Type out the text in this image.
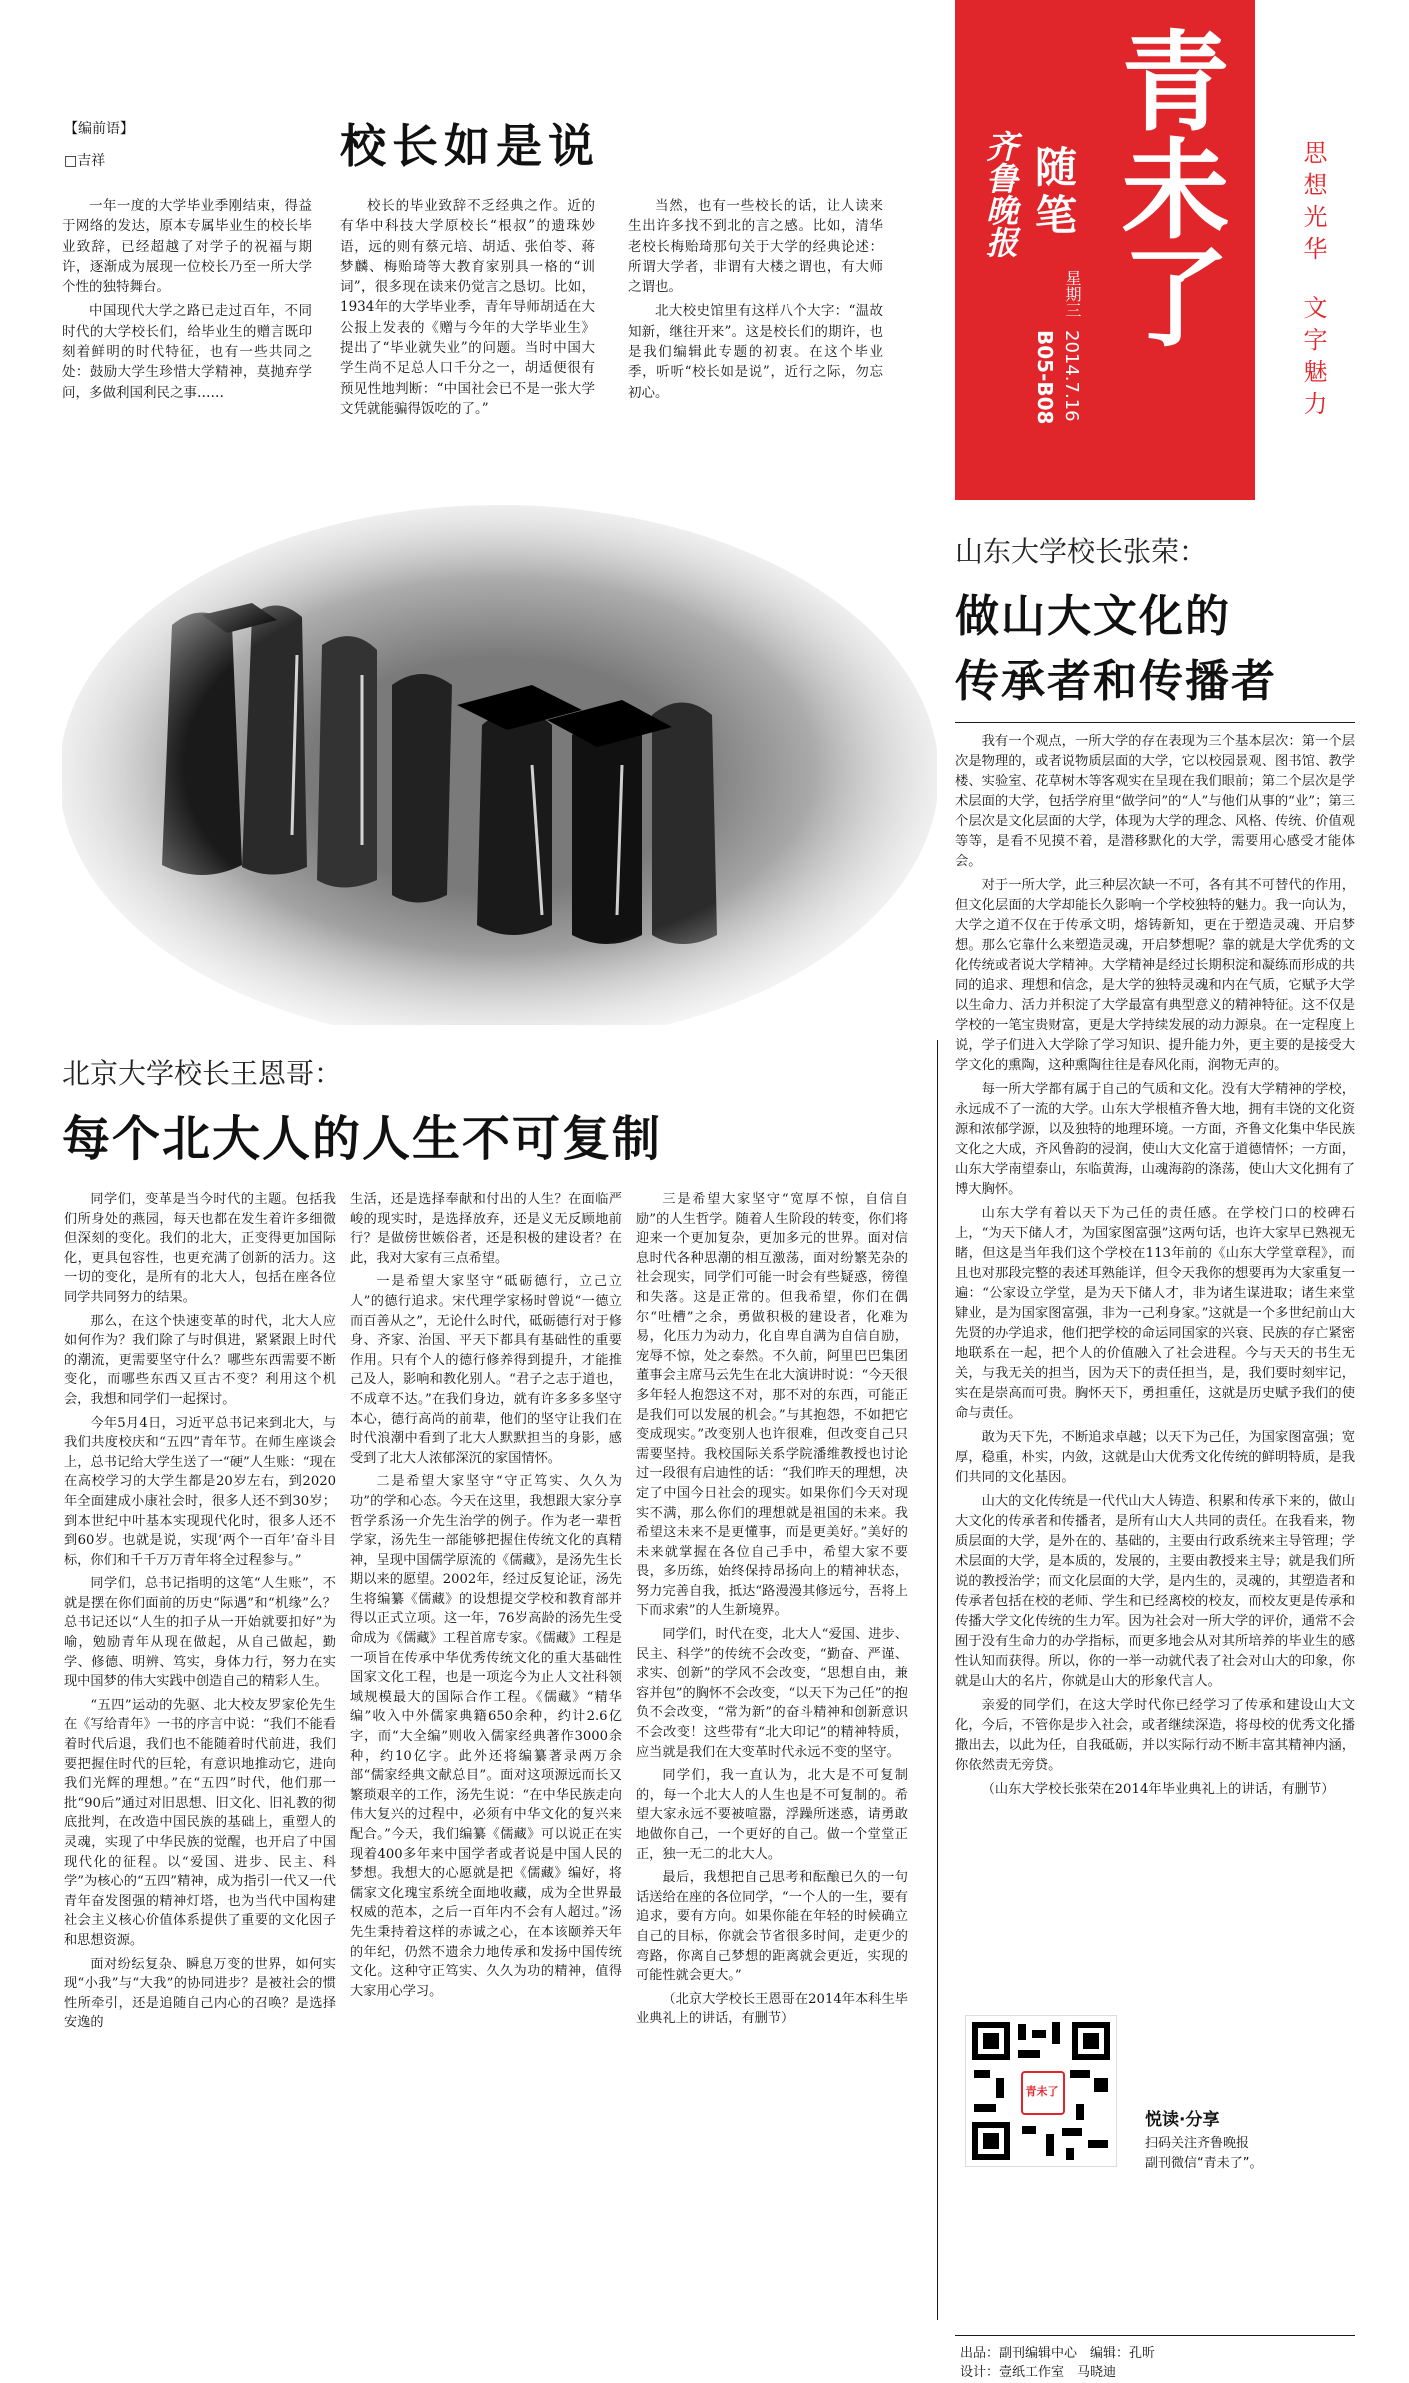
【编前语】
□吉祥	校长如是说

一年一度的大学毕业季刚结束，得益于网络的发达，原本专属毕业生的校长毕业致辞，已经超越了对学子的祝福与期许，逐渐成为展现一位校长乃至一所大学个性的独特舞台。

中国现代大学之路已走过百年，不同时代的大学校长们，给毕业生的赠言既印刻着鲜明的时代特征，也有一些共同之处：鼓励大学生珍惜大学精神，莫抛弃学问，多做利国利民之事……

校长的毕业致辞不乏经典之作。近的有华中科技大学原校长“根叔”的遗珠妙语，远的则有蔡元培、胡适、张伯苓、蒋梦麟、梅贻琦等大教育家别具一格的“训词”，很多现在读来仍觉言之恳切。比如，1934年的大学毕业季，青年导师胡适在大公报上发表的《赠与今年的大学毕业生》提出了“毕业就失业”的问题。当时中国大学生尚不足总人口千分之一，胡适便很有预见性地判断：“中国社会已不是一张大学文凭就能骗得饭吃的了。”

当然，也有一些校长的话，让人读来生出许多找不到北的言之感。比如，清华老校长梅贻琦那句关于大学的经典论述：所谓大学者，非谓有大楼之谓也，有大师之谓也。

北大校史馆里有这样八个大字：“温故知新，继往开来”。这是校长们的期许，也是我们编辑此专题的初衷。在这个毕业季，听听“校长如是说”，近行之际，勿忘初心。

青未了
齐鲁晚报 随笔
星期三
2014.7.16
B05-B08
思想光华
文字魅力
山东大学校长张荣：
做山大文化的
传承者和传播者

我有一个观点，一所大学的存在表现为三个基本层次：第一个层次是物理的，或者说物质层面的大学，它以校园景观、图书馆、教学楼、实验室、花草树木等客观实在呈现在我们眼前；第二个层次是学术层面的大学，包括学府里“做学问”的“人”与他们从事的“业”；第三个层次是文化层面的大学，体现为大学的理念、风格、传统、价值观等等，是看不见摸不着，是潜移默化的大学，需要用心感受才能体会。

对于一所大学，此三种层次缺一不可，各有其不可替代的作用，但文化层面的大学却能长久影响一个学校独特的魅力。我一向认为，大学之道不仅在于传承文明，熔铸新知，更在于塑造灵魂、开启梦想。那么它靠什么来塑造灵魂，开启梦想呢？靠的就是大学优秀的文化传统或者说大学精神。大学精神是经过长期积淀和凝练而形成的共同的追求、理想和信念，是大学的独特灵魂和内在气质，它赋予大学以生命力、活力并积淀了大学最富有典型意义的精神特征。这不仅是学校的一笔宝贵财富，更是大学持续发展的动力源泉。在一定程度上说，学子们进入大学除了学习知识、提升能力外，更主要的是接受大学文化的熏陶，这种熏陶往往是春风化雨，润物无声的。

每一所大学都有属于自己的气质和文化。没有大学精神的学校，永远成不了一流的大学。山东大学根植齐鲁大地，拥有丰饶的文化资源和浓郁学源，以及独特的地理环境。一方面，齐鲁文化集中华民族文化之大成，齐风鲁韵的浸润，使山大文化富于道德情怀；一方面，山东大学南望泰山，东临黄海，山魂海韵的涤荡，使山大文化拥有了博大胸怀。

山东大学有着以天下为己任的责任感。在学校门口的校碑石上，“为天下储人才，为国家图富强”这两句话，也许大家早已熟视无睹，但这是当年我们这个学校在113年前的《山东大学堂章程》，而且也对那段完整的表述耳熟能详，但令天我你的想要再为大家重复一遍：“公家设立学堂，是为天下储人才，非为诸生谋进取；诸生来堂肄业，是为国家图富强，非为一己利身家。”这就是一个多世纪前山大先贤的办学追求，他们把学校的命运同国家的兴衰、民族的存亡紧密地联系在一起，把个人的价值融入了社会进程。今与天天的书生无关，与我无关的担当，因为天下的责任担当，是，我们要时刻牢记，实在是崇高而可贵。胸怀天下，勇担重任，这就是历史赋予我们的使命与责任。

敢为天下先，不断追求卓越；以天下为己任，为国家图富强；宽厚，稳重，朴实，内敛，这就是山大优秀文化传统的鲜明特质，是我们共同的文化基因。

山大的文化传统是一代代山大人铸造、积累和传承下来的，做山大文化的传承者和传播者，是所有山大人共同的责任。在我看来，物质层面的大学，是外在的、基础的，主要由行政系统来主导管理；学术层面的大学，是本质的，发展的，主要由教授来主导；就是我们所说的教授治学；而文化层面的大学，是内生的，灵魂的，其塑造者和传承者包括在校的老师、学生和已经离校的校友，而校友更是传承和传播大学文化传统的生力军。因为社会对一所大学的评价，通常不会囿于没有生命力的办学指标，而更多地会从对其所培养的毕业生的感性认知而获得。所以，你的一举一动就代表了社会对山大的印象，你就是山大的名片，你就是山大的形象代言人。

亲爱的同学们，在这大学时代你已经学习了传承和建设山大文化，今后，不管你是步入社会，或者继续深造，将母校的优秀文化播撒出去，以此为任，自我砥砺，并以实际行动不断丰富其精神内涵，你依然责无旁贷。

（山东大学校长张荣在2014年毕业典礼上的讲话，有删节）

北京大学校长王恩哥：
每个北大人的人生不可复制

同学们，变革是当今时代的主题。包括我们所身处的燕园，每天也都在发生着许多细微但深刻的变化。我们的北大，正变得更加国际化，更具包容性，也更充满了创新的活力。这一切的变化，是所有的北大人，包括在座各位同学共同努力的结果。

那么，在这个快速变革的时代，北大人应如何作为？我们除了与时俱进，紧紧跟上时代的潮流，更需要坚守什么？哪些东西需要不断变化，而哪些东西又亘古不变？利用这个机会，我想和同学们一起探讨。

今年5月4日，习近平总书记来到北大，与我们共度校庆和“五四”青年节。在师生座谈会上，总书记给大学生送了一“硬”人生账：“现在在高校学习的大学生都是20岁左右，到2020年全面建成小康社会时，很多人还不到30岁；到本世纪中叶基本实现现代化时，很多人还不到60岁。也就是说，实现‘两个一百年’奋斗目标，你们和千千万万青年将全过程参与。”

同学们，总书记指明的这笔“人生账”，不就是摆在你们面前的历史“际遇”和“机缘”么？总书记还以“人生的扣子从一开始就要扣好”为喻，勉励青年从现在做起，从自己做起，勤学、修德、明辨、笃实，身体力行，努力在实现中国梦的伟大实践中创造自己的精彩人生。

“五四”运动的先驱、北大校友罗家伦先生在《写给青年》一书的序言中说：“我们不能看着时代后退，我们也不能随着时代前进，我们要把握住时代的巨轮，有意识地推动它，进向我们光辉的理想。”在“五四”时代，他们那一批“90后”通过对旧思想、旧文化、旧礼教的彻底批判，在改造中国民族的基础上，重塑人的灵魂，实现了中华民族的觉醒，也开启了中国现代化的征程。以“爱国、进步、民主、科学”为核心的“五四”精神，成为指引一代又一代青年奋发图强的精神灯塔，也为当代中国构建社会主义核心价值体系提供了重要的文化因子和思想资源。

面对纷纭复杂、瞬息万变的世界，如何实现“小我”与“大我”的协同进步？是被社会的惯性所牵引，还是追随自己内心的召唤？是选择安逸的

生活，还是选择奉献和付出的人生？在面临严峻的现实时，是选择放弃，还是义无反顾地前行？是做傍世嫉俗者，还是积极的建设者？在此，我对大家有三点希望。

一是希望大家坚守“砥砺德行，立己立人”的德行追求。宋代理学家杨时曾说“一德立而百善从之”，无论什么时代，砥砺德行对于修身、齐家、治国、平天下都具有基础性的重要作用。只有个人的德行修养得到提升，才能推己及人，影响和教化别人。“君子之志于道也，不成章不达。”在我们身边，就有许多多多坚守本心，德行高尚的前辈，他们的坚守让我们在时代浪潮中看到了北大人默默担当的身影，感受到了北大人浓郁深沉的家国情怀。

二是希望大家坚守“守正笃实、久久为功”的学和心态。今天在这里，我想跟大家分享哲学系汤一介先生治学的例子。作为老一辈哲学家，汤先生一部能够把握住传统文化的真精神，呈现中国儒学原流的《儒藏》，是汤先生长期以来的愿望。2002年，经过反复论证，汤先生将编纂《儒藏》的设想提交学校和教育部并得以正式立项。这一年，76岁高龄的汤先生受命成为《儒藏》工程首席专家。《儒藏》工程是一项旨在传承中华优秀传统文化的重大基础性国家文化工程，也是一项迄今为止人文社科领域规模最大的国际合作工程。《儒藏》“精华编”收入中外儒家典籍650余种，约计2.6亿字，而“大全编”则收入儒家经典著作3000余种，约10亿字。此外还将编纂著录两万余部“儒家经典文献总目”。面对这项源远而长又繁琐艰辛的工作，汤先生说：“在中华民族走向伟大复兴的过程中，必须有中华文化的复兴来配合。”今天，我们编纂《儒藏》可以说正在实现着400多年来中国学者或者说是中国人民的梦想。我想大的心愿就是把《儒藏》编好，将儒家文化瑰宝系统全面地收藏，成为全世界最权威的范本，之后一百年内不会有人超过。”汤先生秉持着这样的赤诚之心，在本该颐养天年的年纪，仍然不遗余力地传承和发扬中国传统文化。这种守正笃实、久久为功的精神，值得大家用心学习。

三是希望大家坚守“宽厚不惊，自信自励”的人生哲学。随着人生阶段的转变，你们将迎来一个更加复杂，更加多元的世界。面对信息时代各种思潮的相互激荡，面对纷繁芜杂的社会现实，同学们可能一时会有些疑惑，徬徨和失落。这是正常的。但我希望，你们在偶尔“吐槽”之余，勇做积极的建设者，化难为易，化压力为动力，化自卑自满为自信自励，宠辱不惊，处之泰然。不久前，阿里巴巴集团董事会主席马云先生在北大演讲时说：“今天很多年轻人抱怨这不对，那不对的东西，可能正是我们可以发展的机会。”与其抱怨，不如把它变成现实。”改变别人也许很难，但改变自己只需要坚持。我校国际关系学院潘维教授也讨论过一段很有启迪性的话：“我们昨天的理想，决定了中国今日社会的现实。如果你们今天对现实不满，那么你们的理想就是祖国的未来。我希望这未来不是更懂事，而是更美好。”美好的未来就掌握在各位自己手中，希望大家不要畏，多历练，始终保持昂扬向上的精神状态，努力完善自我，抵达“路漫漫其修远兮，吾将上下而求索”的人生新境界。

同学们，时代在变，北大人“爱国、进步、民主、科学”的传统不会改变，“勤奋、严谨、求实、创新”的学风不会改变，“思想自由，兼容并包”的胸怀不会改变，“以天下为己任”的抱负不会改变，“常为新”的奋斗精神和创新意识不会改变！这些带有“北大印记”的精神特质，应当就是我们在大变革时代永远不变的坚守。

同学们，我一直认为，北大是不可复制的，每一个北大人的人生也是不可复制的。希望大家永远不要被喧嚣，浮躁所迷惑，请勇敢地做你自己，一个更好的自己。做一个堂堂正正，独一无二的北大人。

最后，我想把自己思考和酝酿已久的一句话送给在座的各位同学，“一个人的一生，要有追求，要有方向。如果你能在年轻的时候确立自己的目标，你就会节省很多时间，走更少的弯路，你离自己梦想的距离就会更近，实现的可能性就会更大。”

（北京大学校长王恩哥在2014年本科生毕业典礼上的讲话，有删节）

青未了
悦读·分享
扫码关注齐鲁晚报
副刊微信“青未了”。
出品：副刊编辑中心　编辑：孔昕
设计：壹纸工作室　马晓迪
